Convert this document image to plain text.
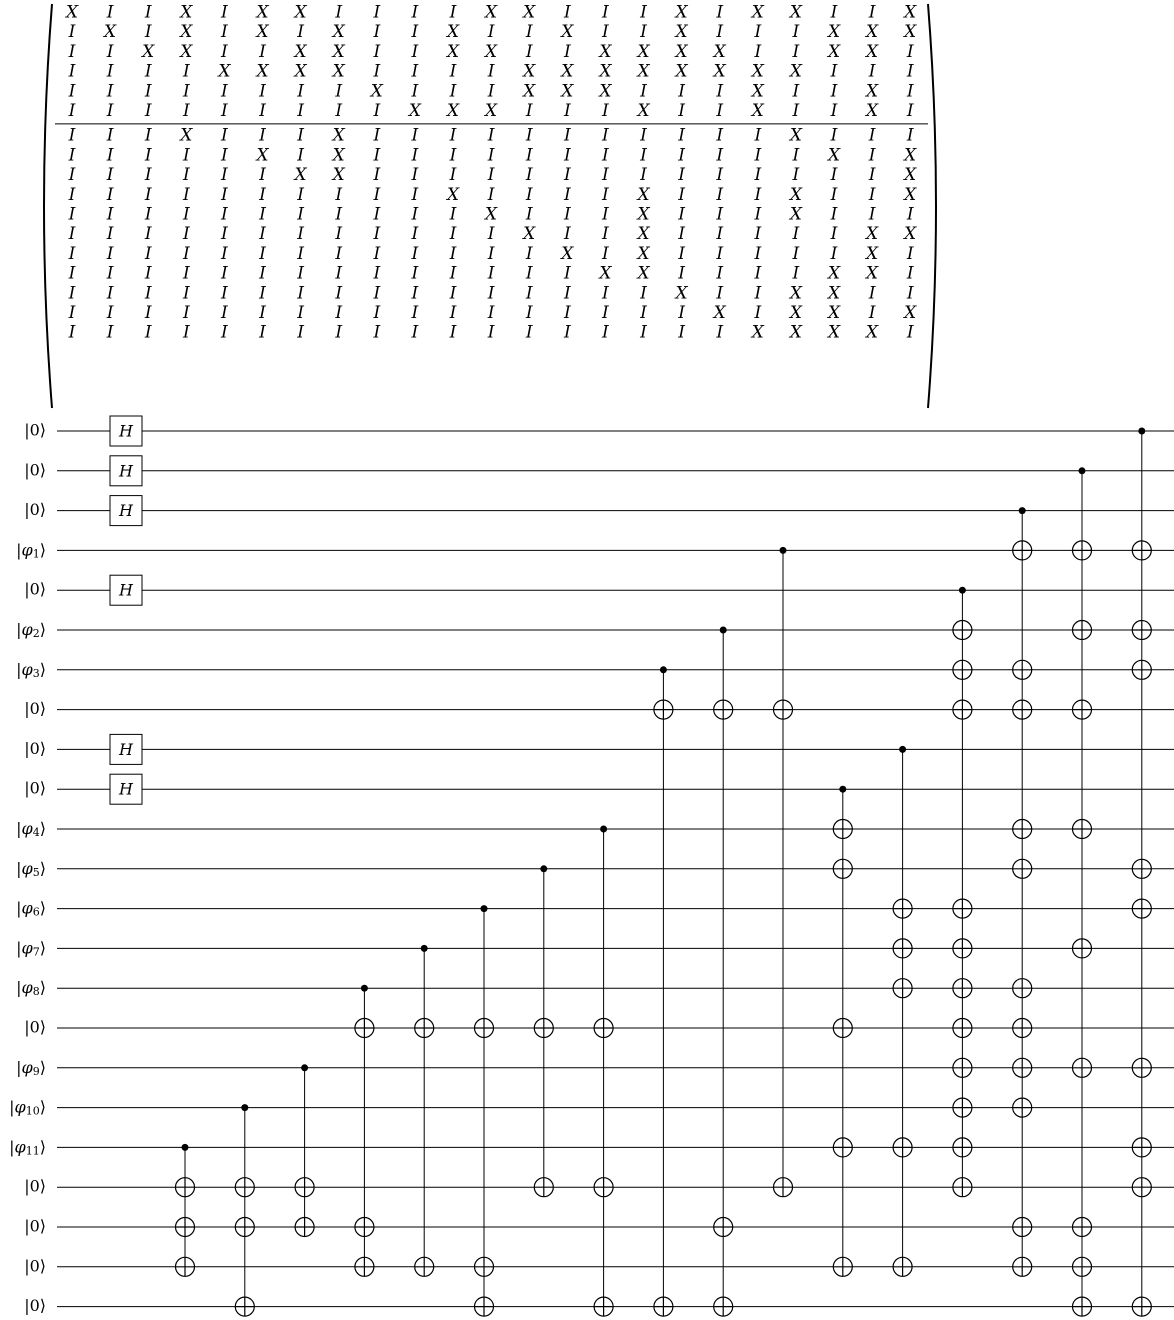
X I I X I X X I I I I X X I I I X I X X I I X
I X I X I X I X I I X I I X I I X I I I X X X
I I X X I I X X I I X X I I X X X X I I X X I
I I I I X X X X I I I I X X X X X X X X I I I
I I I I I I I I X I I I X X X I I I X I I X I
I I I I I I I I I X X X I I I X I I X I I X I
I I I X I I I X I I I I I I I I I I I X I I I
I I I I I X I X I I I I I I I I I I I I X I X
I I I I I I X X I I I I I I I I I I I I I I X
I I I I I I I I I I X I I I I X I I I X I I X
I I I I I I I I I I I X I I I X I I I X I I I
I I I I I I I I I I I I X I I X I I I I I X X
I I I I I I I I I I I I I X I X I I I I I X I
I I I I I I I I I I I I I I X X I I I I X X I
I I I I I I I I I I I I I I I I X I I X X I I
I I I I I I I I I I I I I I I I I X I X X I X
I I I I I I I I I I I I I I I I I I X X X X I
|0⟩
|0⟩
|0⟩
$|\varphi_1⟩$
|0⟩
$|\varphi_2⟩$
$|\varphi_3⟩$
|0⟩
|0⟩
|0⟩
$|\varphi_4⟩$
$|\varphi_5⟩$
$|\varphi_6⟩$
$|\varphi_7⟩$
$|\varphi_8⟩$
|0⟩
$|\varphi_9⟩$
$|\varphi_{10}⟩$
$|\varphi_{11}⟩$
|0⟩
|0⟩
|0⟩
|0⟩
H
H
H
H
H
H
